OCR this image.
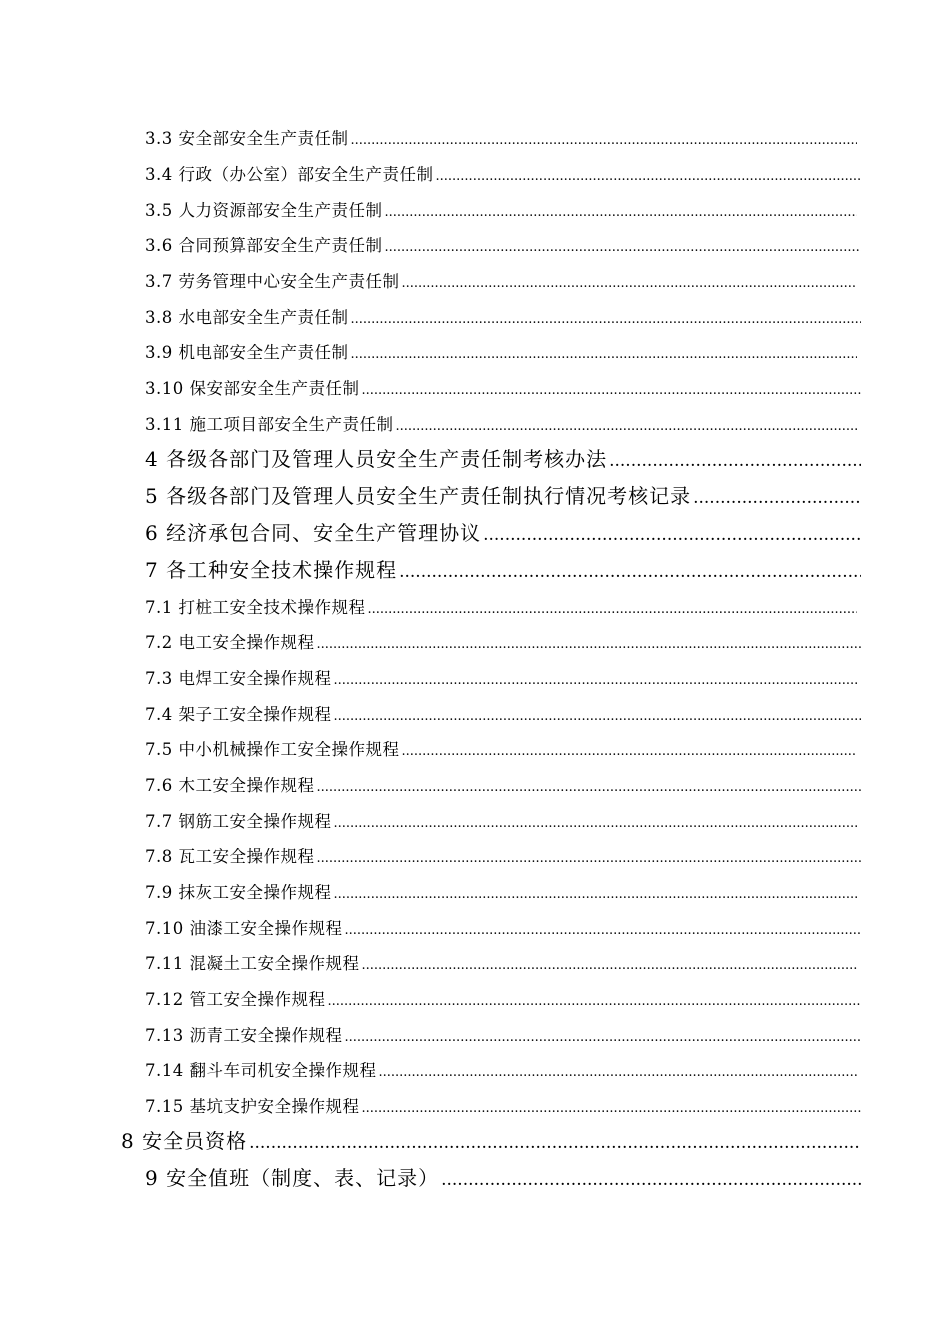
3.3 安全部安全生产责任制
.....
3.4 行政（办公室）部安全生产责任制
.....
3.5 人力资源部安全生产责任制
.....
3.6 合同预算部安全生产责任制
.....
3.7 劳务管理中心安全生产责任制
.....
3.8 水电部安全生产责任制
.....
3.9 机电部安全生产责任制
.....
3.10 保安部安全生产责任制
.....
3.11 施工项目部安全生产责任制
.....
4 各级各部门及管理人员安全生产责任制考核办法
.....
5 各级各部门及管理人员安全生产责任制执行情况考核记录
.....
6 经济承包合同、安全生产管理协议
.....
7 各工种安全技术操作规程
.....
7.1 打桩工安全技术操作规程
.....
7.2 电工安全操作规程
.....
7.3 电焊工安全操作规程
.....
7.4 架子工安全操作规程
.....
7.5 中小机械操作工安全操作规程
.....
7.6 木工安全操作规程
.....
7.7 钢筋工安全操作规程
.....
7.8 瓦工安全操作规程
.....
7.9 抹灰工安全操作规程
.....
7.10 油漆工安全操作规程
.....
7.11 混凝土工安全操作规程
.....
7.12 管工安全操作规程
.....
7.13 沥青工安全操作规程
.....
7.14 翻斗车司机安全操作规程
.....
7.15 基坑支护安全操作规程
.....
8 安全员资格
.....
9 安全值班（制度、表、记录）
.....
